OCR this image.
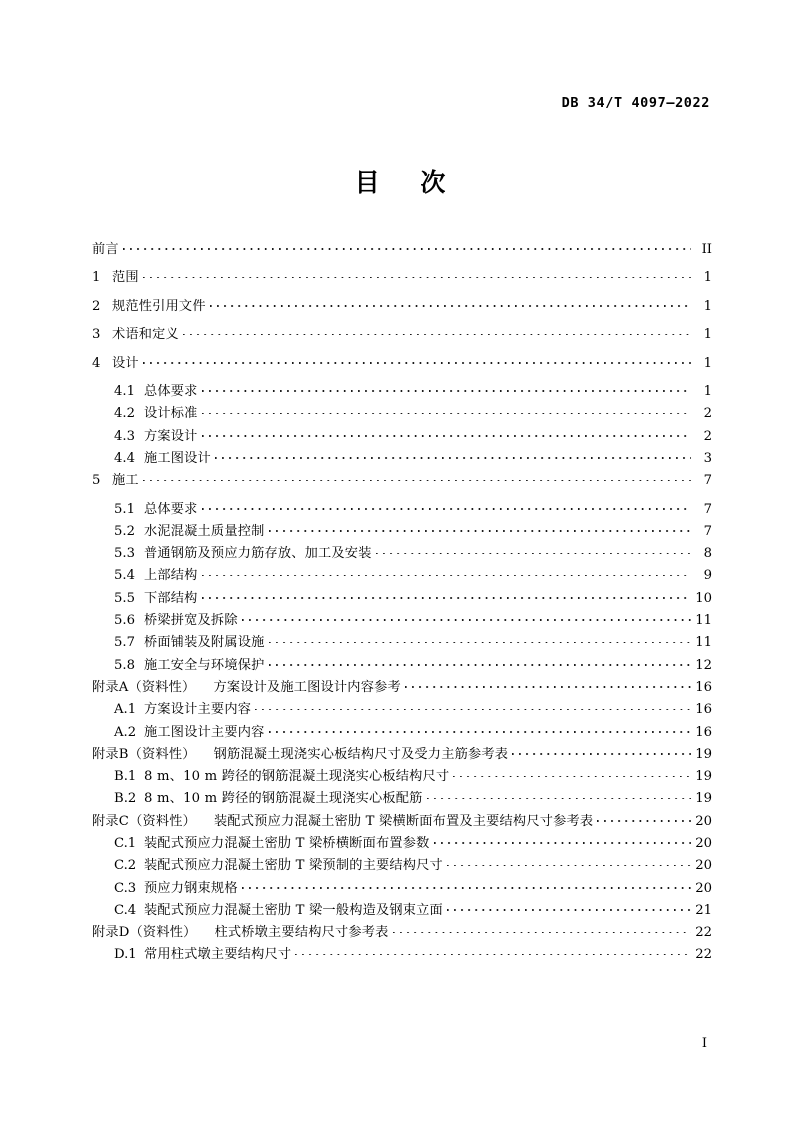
DB 34/T 4097—2022
目 次
前言	II
1 范围	1
2 规范性引用文件	1
3 术语和定义	1
4 设计	1
4.1 总体要求	1
4.2 设计标准	2
4.3 方案设计	2
4.4 施工图设计	3
5 施工	7
5.1 总体要求	7
5.2 水泥混凝土质量控制	7
5.3 普通钢筋及预应力筋存放、加工及安装	8
5.4 上部结构	9
5.5 下部结构	10
5.6 桥梁拼宽及拆除	11
5.7 桥面铺装及附属设施	11
5.8 施工安全与环境保护	12
附录A（资料性） 方案设计及施工图设计内容参考	16
A.1 方案设计主要内容	16
A.2 施工图设计主要内容	16
附录B（资料性） 钢筋混凝土现浇实心板结构尺寸及受力主筋参考表	19
B.1 8 m、10 m 跨径的钢筋混凝土现浇实心板结构尺寸	19
B.2 8 m、10 m 跨径的钢筋混凝土现浇实心板配筋	19
附录C（资料性） 装配式预应力混凝土密肋 T 梁横断面布置及主要结构尺寸参考表	20
C.1 装配式预应力混凝土密肋 T 梁桥横断面布置参数	20
C.2 装配式预应力混凝土密肋 T 梁预制的主要结构尺寸	20
C.3 预应力钢束规格	20
C.4 装配式预应力混凝土密肋 T 梁一般构造及钢束立面	21
附录D（资料性） 柱式桥墩主要结构尺寸参考表	22
D.1 常用柱式墩主要结构尺寸	22
I
